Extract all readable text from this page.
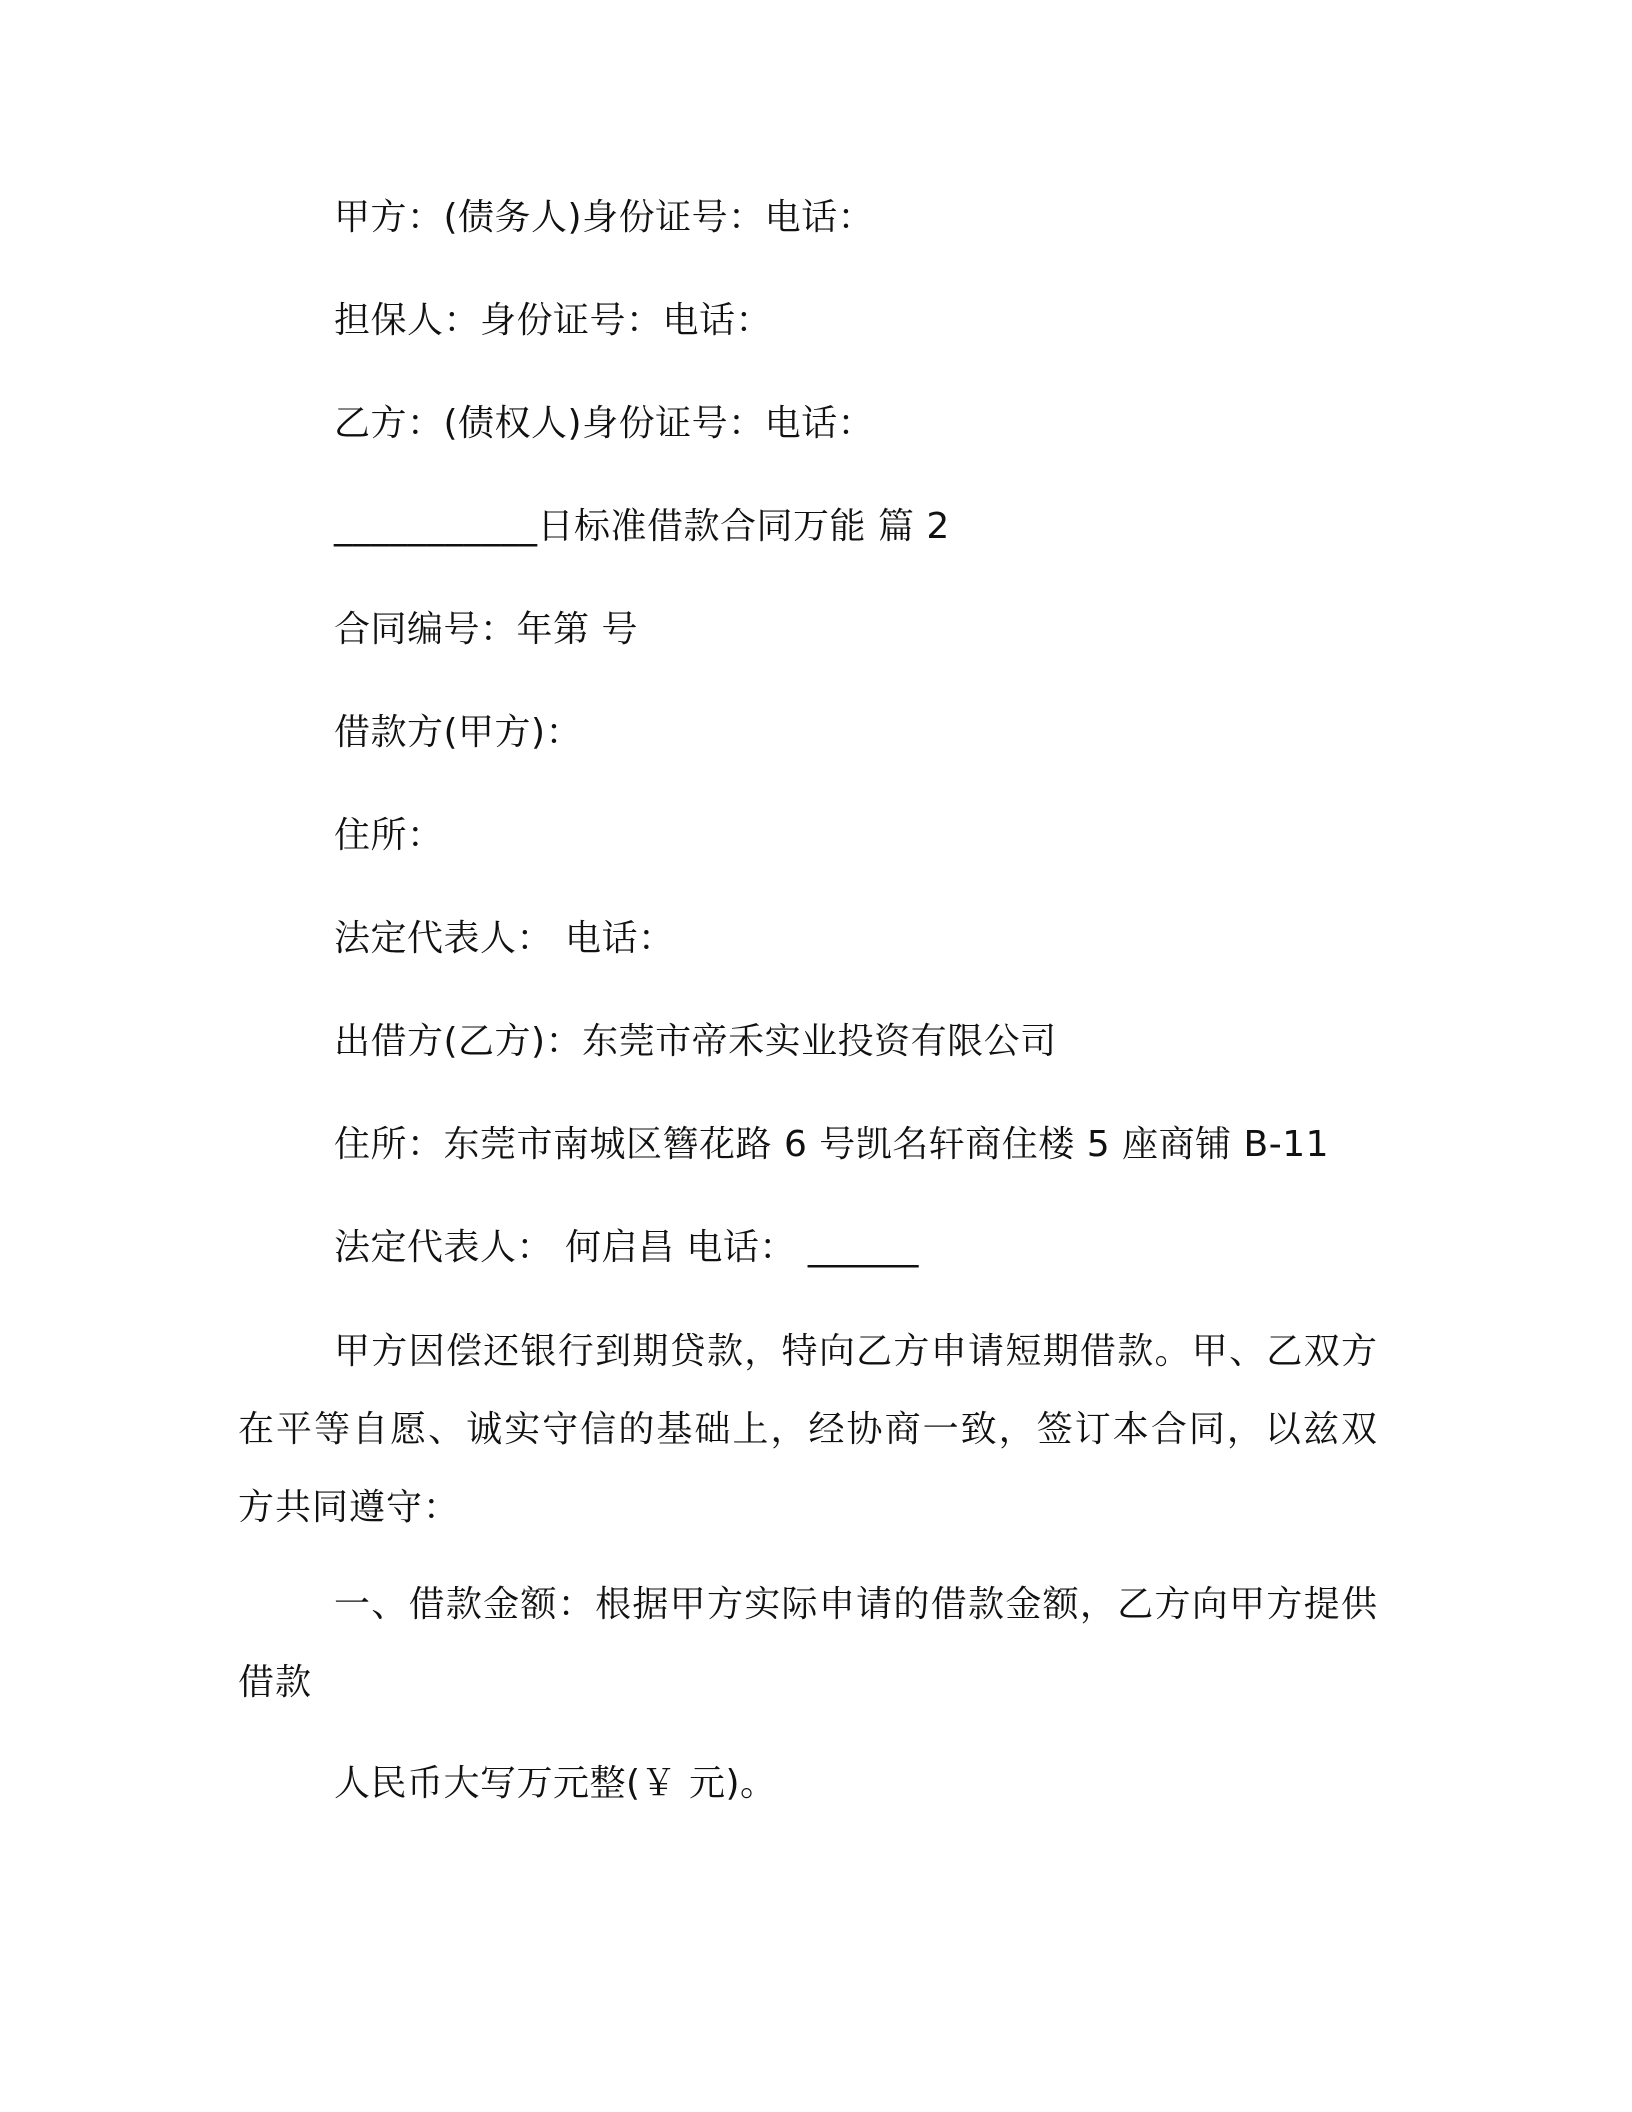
甲方：(债务人)身份证号：电话：
担保人：身份证号：电话：
乙方：(债权人)身份证号：电话：
___________日标准借款合同万能 篇 2
合同编号：年第 号
借款方(甲方)：
住所：
法定代表人： 电话：
出借方(乙方)：东莞市帝禾实业投资有限公司
住所：东莞市南城区簪花路 6 号凯名轩商住楼 5 座商铺 B-11
法定代表人： 何启昌 电话： ______
甲方因偿还银行到期贷款，特向乙方申请短期借款。甲、乙双方在平等自愿、诚实守信的基础上，经协商一致，签订本合同，以兹双方共同遵守：
一、借款金额：根据甲方实际申请的借款金额，乙方向甲方提供借款
人民币大写万元整(￥ 元)。
